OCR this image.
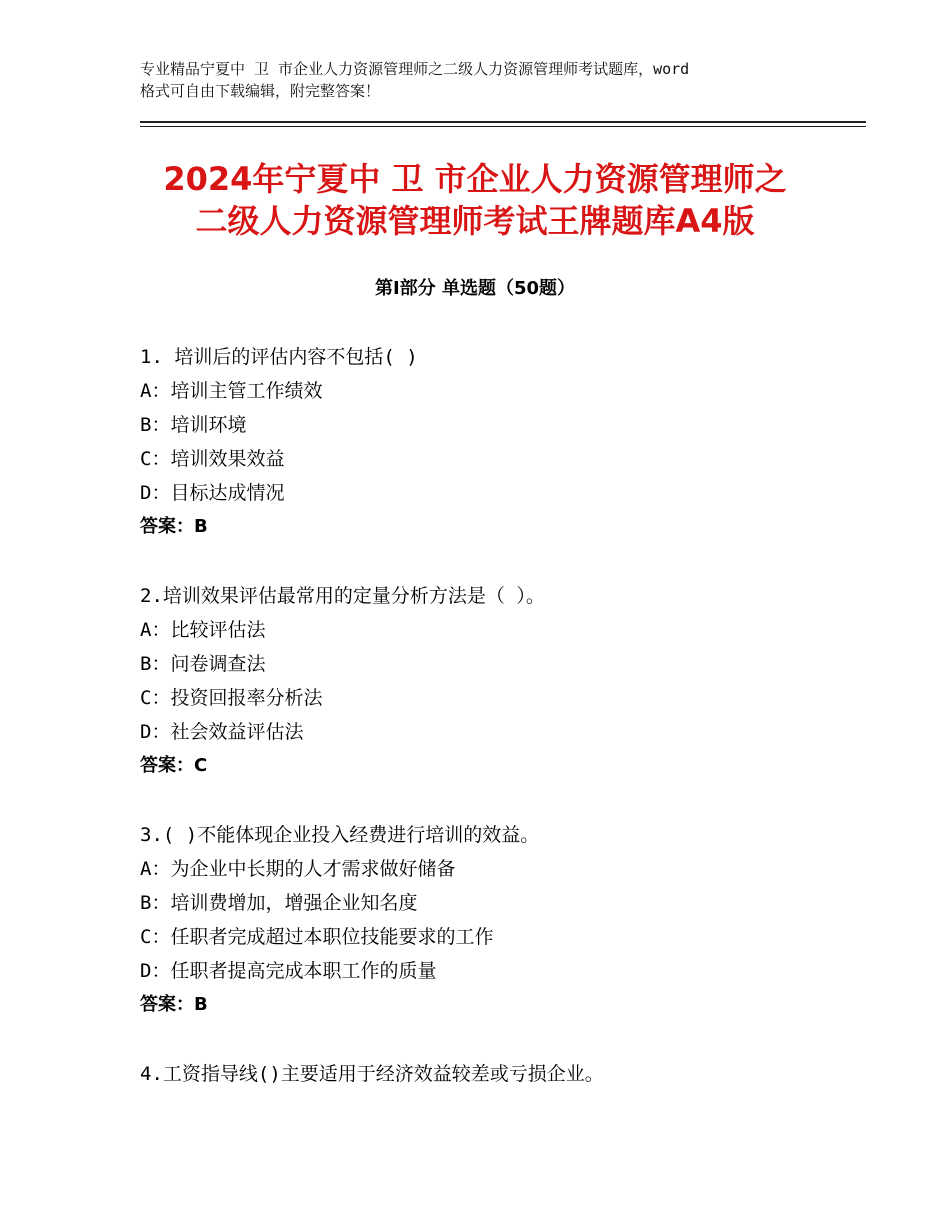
专业精品宁夏中 卫 市企业人力资源管理师之二级人力资源管理师考试题库，word
格式可自由下载编辑，附完整答案！
2024年宁夏中 卫 市企业人力资源管理师之
二级人力资源管理师考试王牌题库A4版
第Ⅰ部分 单选题（50题）
1. 培训后的评估内容不包括( )
A：培训主管工作绩效
B：培训环境
C：培训效果效益
D：目标达成情况
答案：B
2.培训效果评估最常用的定量分析方法是（ ）。
A：比较评估法
B：问卷调查法
C：投资回报率分析法
D：社会效益评估法
答案：C
3.( )不能体现企业投入经费进行培训的效益。
A：为企业中长期的人才需求做好储备
B：培训费增加，增强企业知名度
C：任职者完成超过本职位技能要求的工作
D：任职者提高完成本职工作的质量
答案：B
4.工资指导线()主要适用于经济效益较差或亏损企业。
